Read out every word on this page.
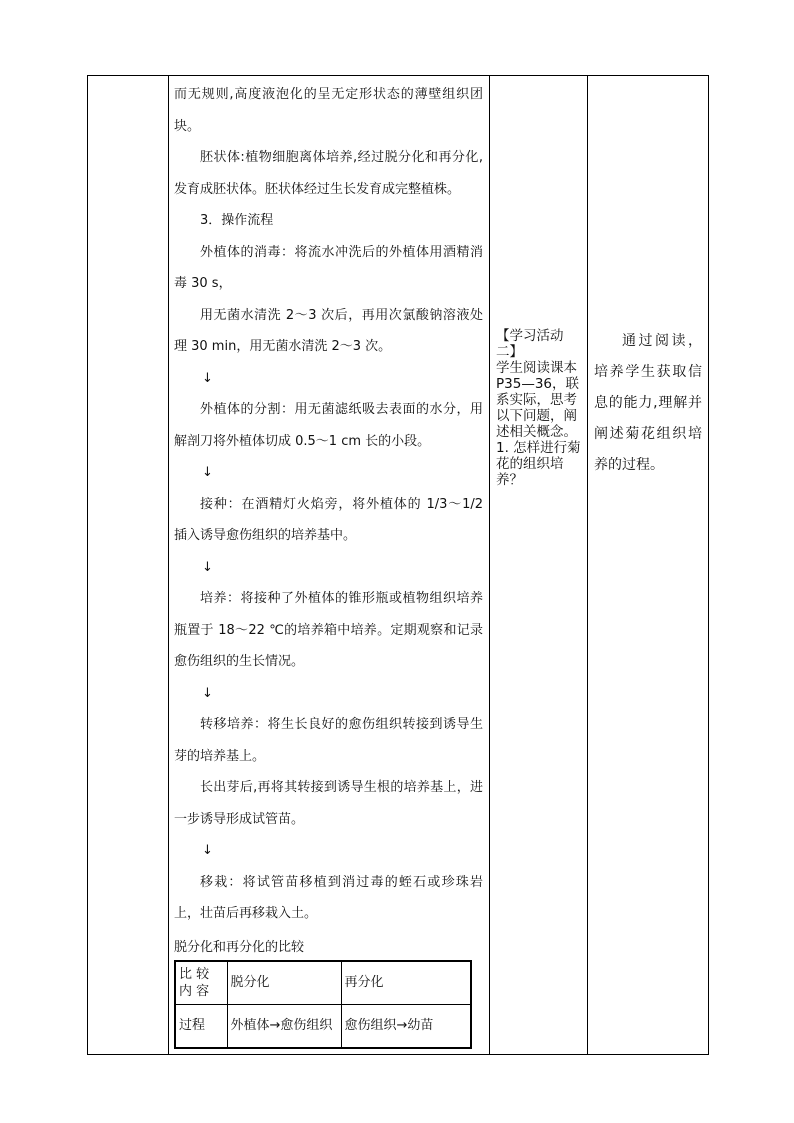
而无规则,高度液泡化的呈无定形状态的薄壁组织团块。

胚状体:植物细胞离体培养,经过脱分化和再分化,发育成胚状体。胚状体经过生长发育成完整植株。

3．操作流程

外植体的消毒：将流水冲洗后的外植体用酒精消毒 30 s，

用无菌水清洗 2～3 次后，再用次氯酸钠溶液处理 30 min，用无菌水清洗 2～3 次。

↓

外植体的分割：用无菌滤纸吸去表面的水分，用解剖刀将外植体切成 0.5～1 cm 长的小段。

↓

接种：在酒精灯火焰旁，将外植体的 1/3～1/2 插入诱导愈伤组织的培养基中。

↓

培养：将接种了外植体的锥形瓶或植物组织培养瓶置于 18～22 ℃的培养箱中培养。定期观察和记录愈伤组织的生长情况。

↓

转移培养：将生长良好的愈伤组织转接到诱导生芽的培养基上。

长出芽后,再将其转接到诱导生根的培养基上，进一步诱导形成试管苗。

↓

移栽：将试管苗移植到消过毒的蛭石或珍珠岩上，壮苗后再移栽入土。

脱分化和再分化的比较

比 较 内 容	脱分化	再分化
过程	外植体→愈伤组织	愈伤组织→幼苗

【学习活动二】

学生阅读课本 P35—36，联系实际，思考以下问题，阐述相关概念。

1. 怎样进行菊花的组织培养？

通过阅读，培养学生获取信息的能力,理解并阐述菊花组织培养的过程。
